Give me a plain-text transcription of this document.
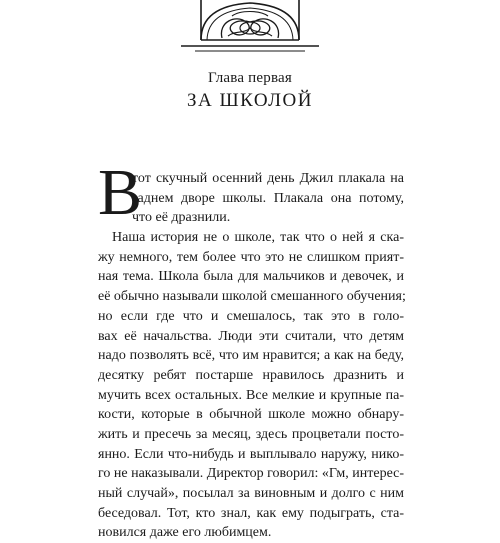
Глава первая
ЗА ШКОЛОЙ
В
тот скучный осенний день Джил плакала на
заднем дворе школы. Плакала она потому,
что её дразнили.
Наша история не о школе, так что о ней я ска-
жу немного, тем более что это не слишком прият-
ная тема. Школа была для мальчиков и девочек, и
её обычно называли школой смешанного обучения;
но если где что и смешалось, так это в голо-
вах её начальства. Люди эти считали, что детям
надо позволять всё, что им нравится; а как на беду,
десятку ребят постарше нравилось дразнить и
мучить всех остальных. Все мелкие и крупные па-
кости, которые в обычной школе можно обнару-
жить и пресечь за месяц, здесь процветали посто-
янно. Если что-нибудь и выплывало наружу, нико-
го не наказывали. Директор говорил: «Гм, интерес-
ный случай», посылал за виновным и долго с ним
беседовал. Тот, кто знал, как ему подыграть, ста-
новился даже его любимцем.
